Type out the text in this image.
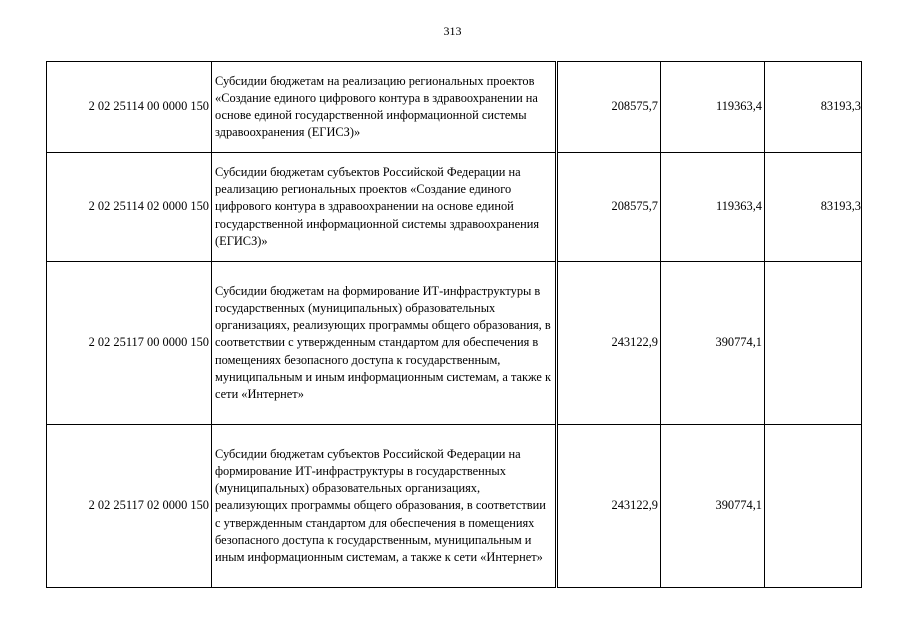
313
2 02 25114 00 0000 150	Субсидии бюджетам на реализацию региональных проектов «Создание единого цифрового контура в здравоохранении на основе единой государственной информационной системы здравоохранения (ЕГИСЗ)»	208575,7	119363,4	83193,3
2 02 25114 02 0000 150	Субсидии бюджетам субъектов Российской Федерации на реализацию региональных проектов «Создание единого цифрового контура в здравоохранении на основе единой государственной информационной системы здравоохранения (ЕГИСЗ)»	208575,7	119363,4	83193,3
2 02 25117 00 0000 150	Субсидии бюджетам на формирование ИТ-инфраструктуры в государственных (муниципальных) образовательных организациях, реализующих программы общего образования, в соответствии с утвержденным стандартом для обеспечения в помещениях безопасного доступа к государственным, муниципальным и иным информационным системам, а также к сети «Интернет»	243122,9	390774,1	
2 02 25117 02 0000 150	Субсидии бюджетам субъектов Российской Федерации на формирование ИТ-инфраструктуры в государственных (муниципальных) образовательных организациях, реализующих программы общего образования, в соответствии с утвержденным стандартом для обеспечения в помещениях безопасного доступа к государственным, муниципальным и иным информационным системам, а также к сети «Интернет»	243122,9	390774,1	
